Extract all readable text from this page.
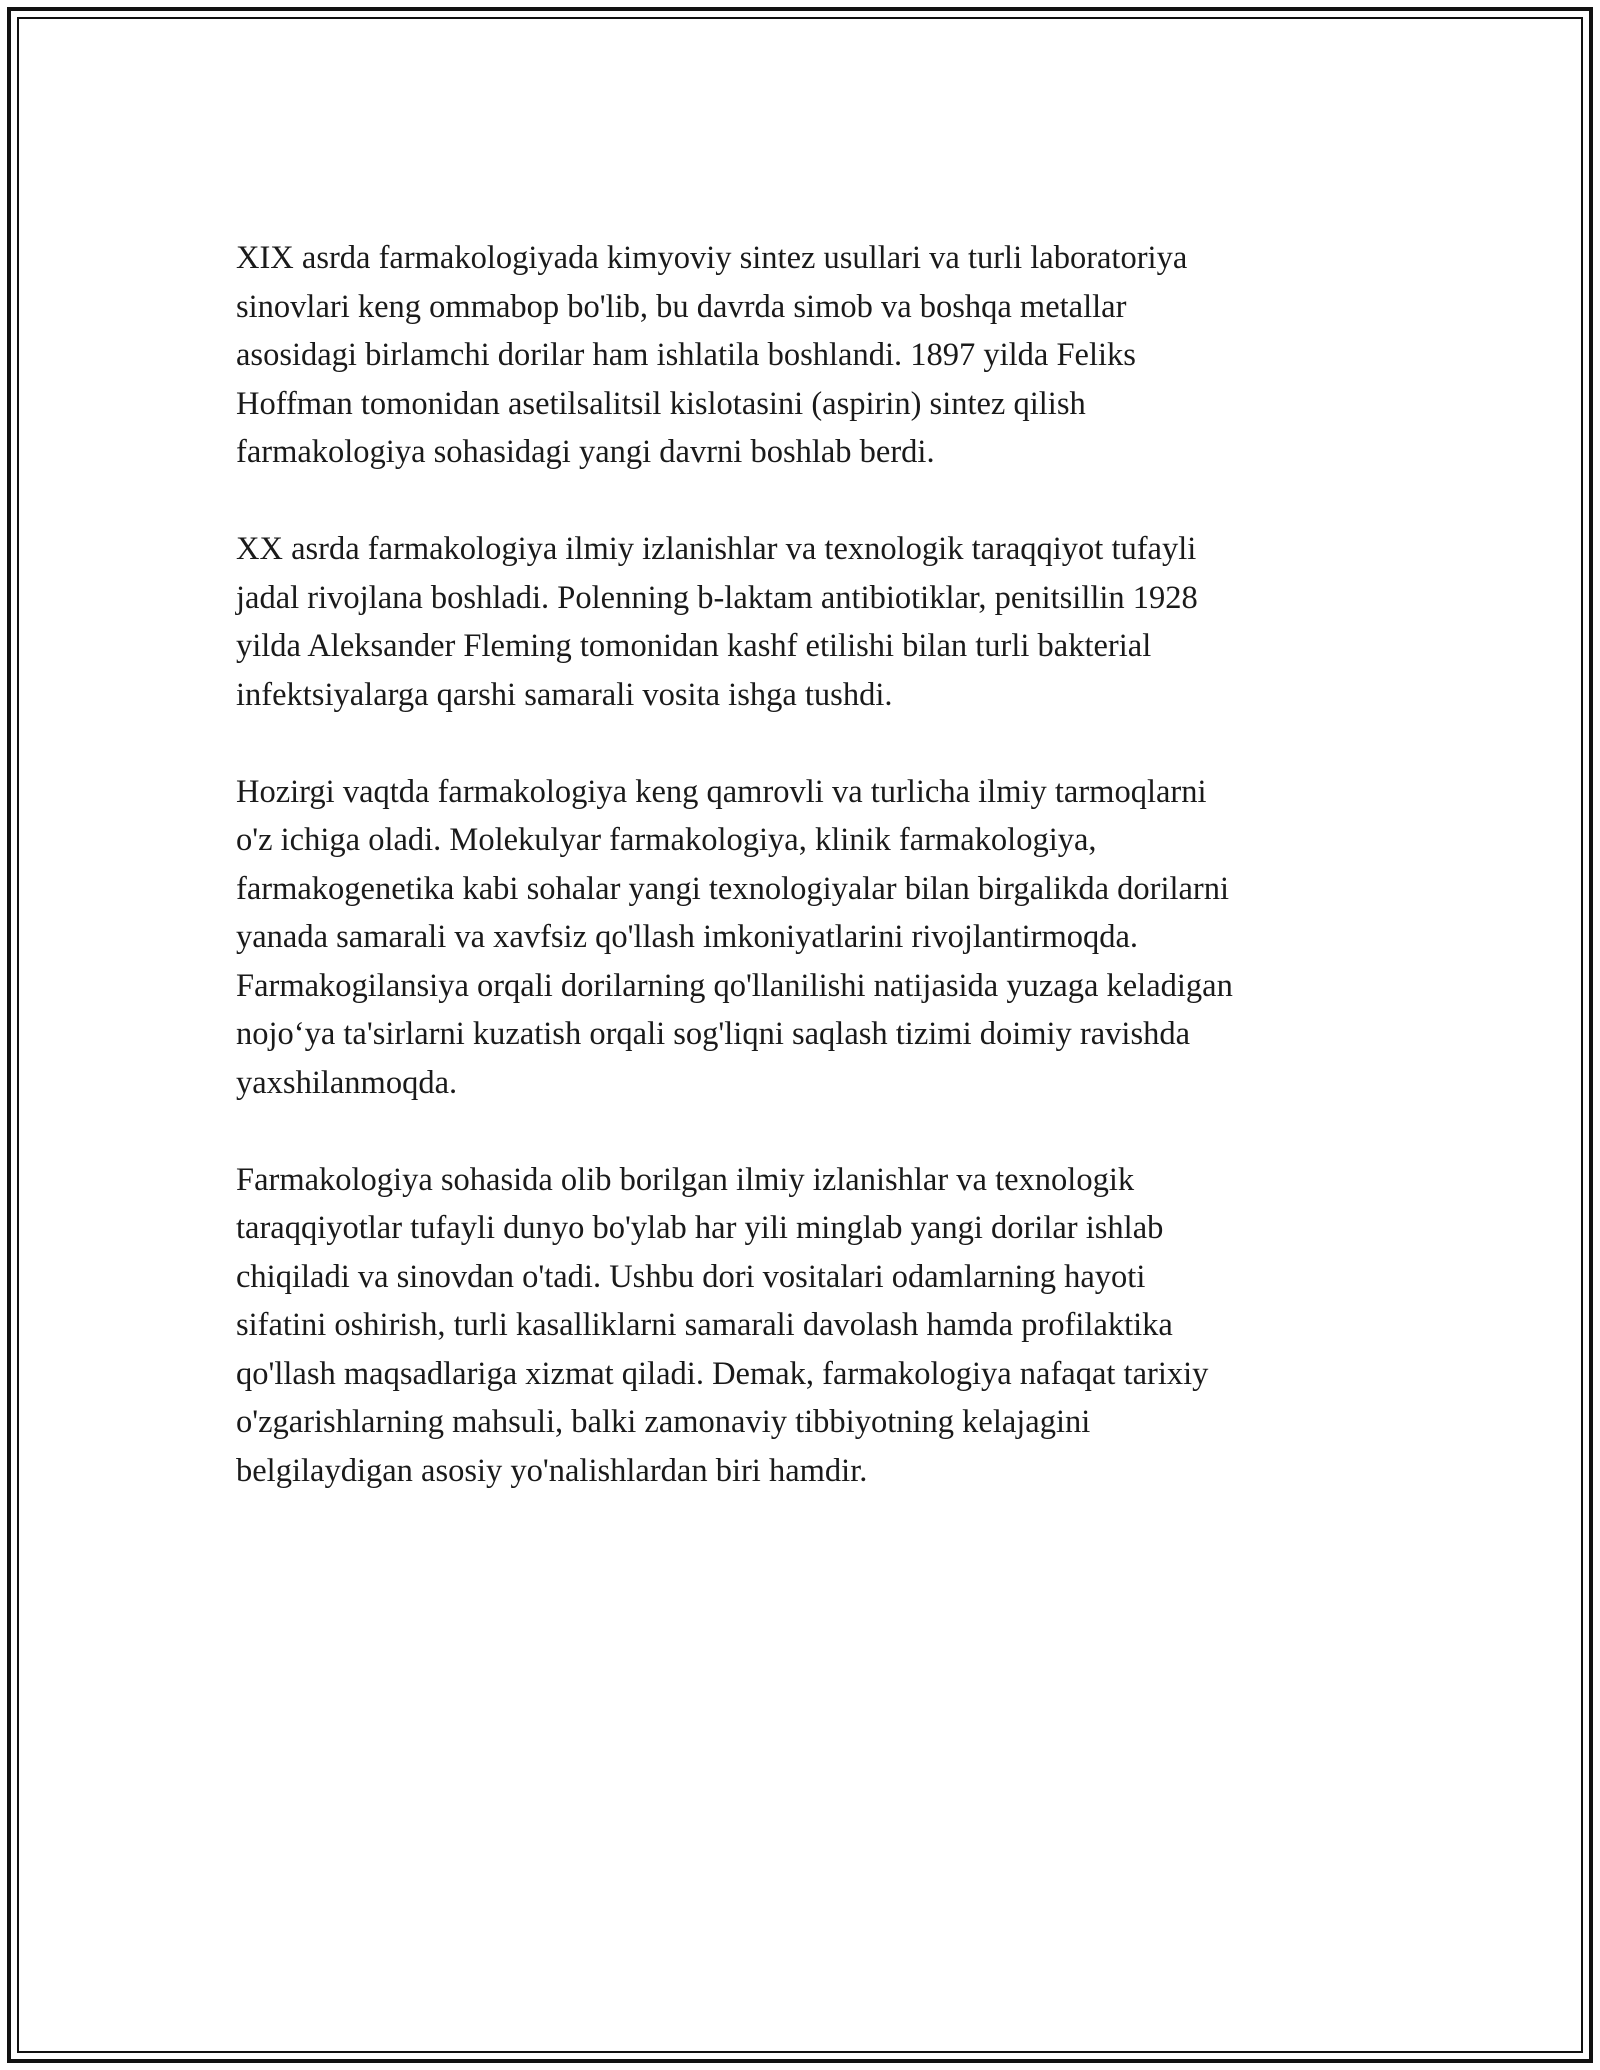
XIX asrda farmakologiyada kimyoviy sintez usullari va turli laboratoriya
sinovlari keng ommabop bo'lib, bu davrda simob va boshqa metallar
asosidagi birlamchi dorilar ham ishlatila boshlandi. 1897 yilda Feliks
Hoffman tomonidan asetilsalitsil kislotasini (aspirin) sintez qilish
farmakologiya sohasidagi yangi davrni boshlab berdi.

XX asrda farmakologiya ilmiy izlanishlar va texnologik taraqqiyot tufayli
jadal rivojlana boshladi. Polenning b-laktam antibiotiklar, penitsillin 1928
yilda Aleksander Fleming tomonidan kashf etilishi bilan turli bakterial
infektsiyalarga qarshi samarali vosita ishga tushdi.

Hozirgi vaqtda farmakologiya keng qamrovli va turlicha ilmiy tarmoqlarni
o'z ichiga oladi. Molekulyar farmakologiya, klinik farmakologiya,
farmakogenetika kabi sohalar yangi texnologiyalar bilan birgalikda dorilarni
yanada samarali va xavfsiz qo'llash imkoniyatlarini rivojlantirmoqda.
Farmakogilansiya orqali dorilarning qo'llanilishi natijasida yuzaga keladigan
nojo‘ya ta'sirlarni kuzatish orqali sog'liqni saqlash tizimi doimiy ravishda
yaxshilanmoqda.

Farmakologiya sohasida olib borilgan ilmiy izlanishlar va texnologik
taraqqiyotlar tufayli dunyo bo'ylab har yili minglab yangi dorilar ishlab
chiqiladi va sinovdan o'tadi. Ushbu dori vositalari odamlarning hayoti
sifatini oshirish, turli kasalliklarni samarali davolash hamda profilaktika
qo'llash maqsadlariga xizmat qiladi. Demak, farmakologiya nafaqat tarixiy
o'zgarishlarning mahsuli, balki zamonaviy tibbiyotning kelajagini
belgilaydigan asosiy yo'nalishlardan biri hamdir.
